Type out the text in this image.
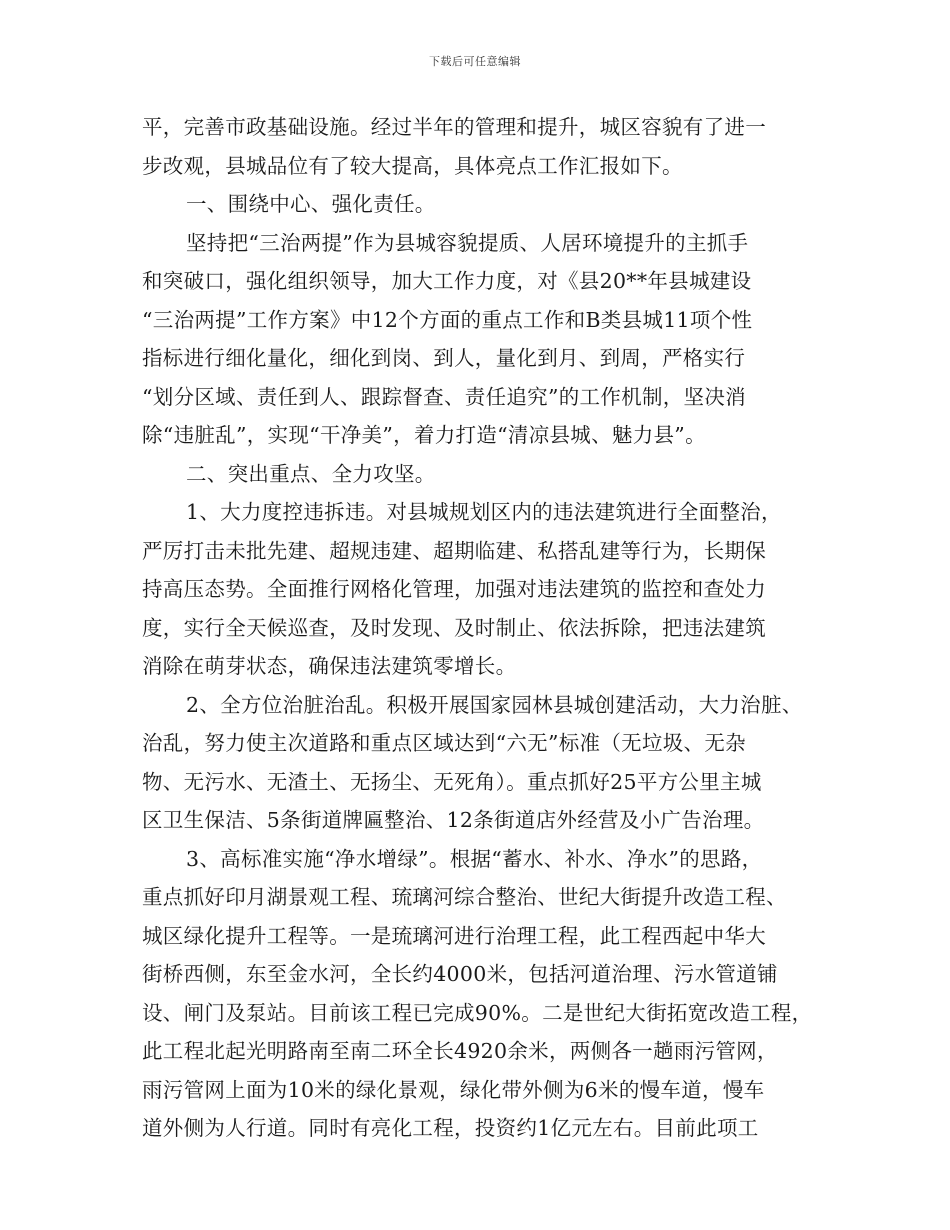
下载后可任意编辑
平，完善市政基础设施。经过半年的管理和提升，城区容貌有了进一
步改观，县城品位有了较大提高，具体亮点工作汇报如下。
一、围绕中心、强化责任。
坚持把“三治两提”作为县城容貌提质、人居环境提升的主抓手
和突破口，强化组织领导，加大工作力度，对《县20**年县城建设
“三治两提”工作方案》中12个方面的重点工作和B类县城11项个性
指标进行细化量化，细化到岗、到人，量化到月、到周，严格实行
“划分区域、责任到人、跟踪督查、责任追究”的工作机制，坚决消
除“违脏乱”，实现“干净美”，着力打造“清凉县城、魅力县”。
二、突出重点、全力攻坚。
1、大力度控违拆违。对县城规划区内的违法建筑进行全面整治，
严厉打击未批先建、超规违建、超期临建、私搭乱建等行为，长期保
持高压态势。全面推行网格化管理，加强对违法建筑的监控和查处力
度，实行全天候巡查，及时发现、及时制止、依法拆除，把违法建筑
消除在萌芽状态，确保违法建筑零增长。
2、全方位治脏治乱。积极开展国家园林县城创建活动，大力治脏、
治乱，努力使主次道路和重点区域达到“六无”标准（无垃圾、无杂
物、无污水、无渣土、无扬尘、无死角）。重点抓好25平方公里主城
区卫生保洁、5条街道牌匾整治、12条街道店外经营及小广告治理。
3、高标准实施“净水增绿”。根据“蓄水、补水、净水”的思路，
重点抓好印月湖景观工程、琉璃河综合整治、世纪大街提升改造工程、
城区绿化提升工程等。一是琉璃河进行治理工程，此工程西起中华大
街桥西侧，东至金水河，全长约4000米，包括河道治理、污水管道铺
设、闸门及泵站。目前该工程已完成90%。二是世纪大街拓宽改造工程，
此工程北起光明路南至南二环全长4920余米，两侧各一趟雨污管网，
雨污管网上面为10米的绿化景观，绿化带外侧为6米的慢车道，慢车
道外侧为人行道。同时有亮化工程，投资约1亿元左右。目前此项工
